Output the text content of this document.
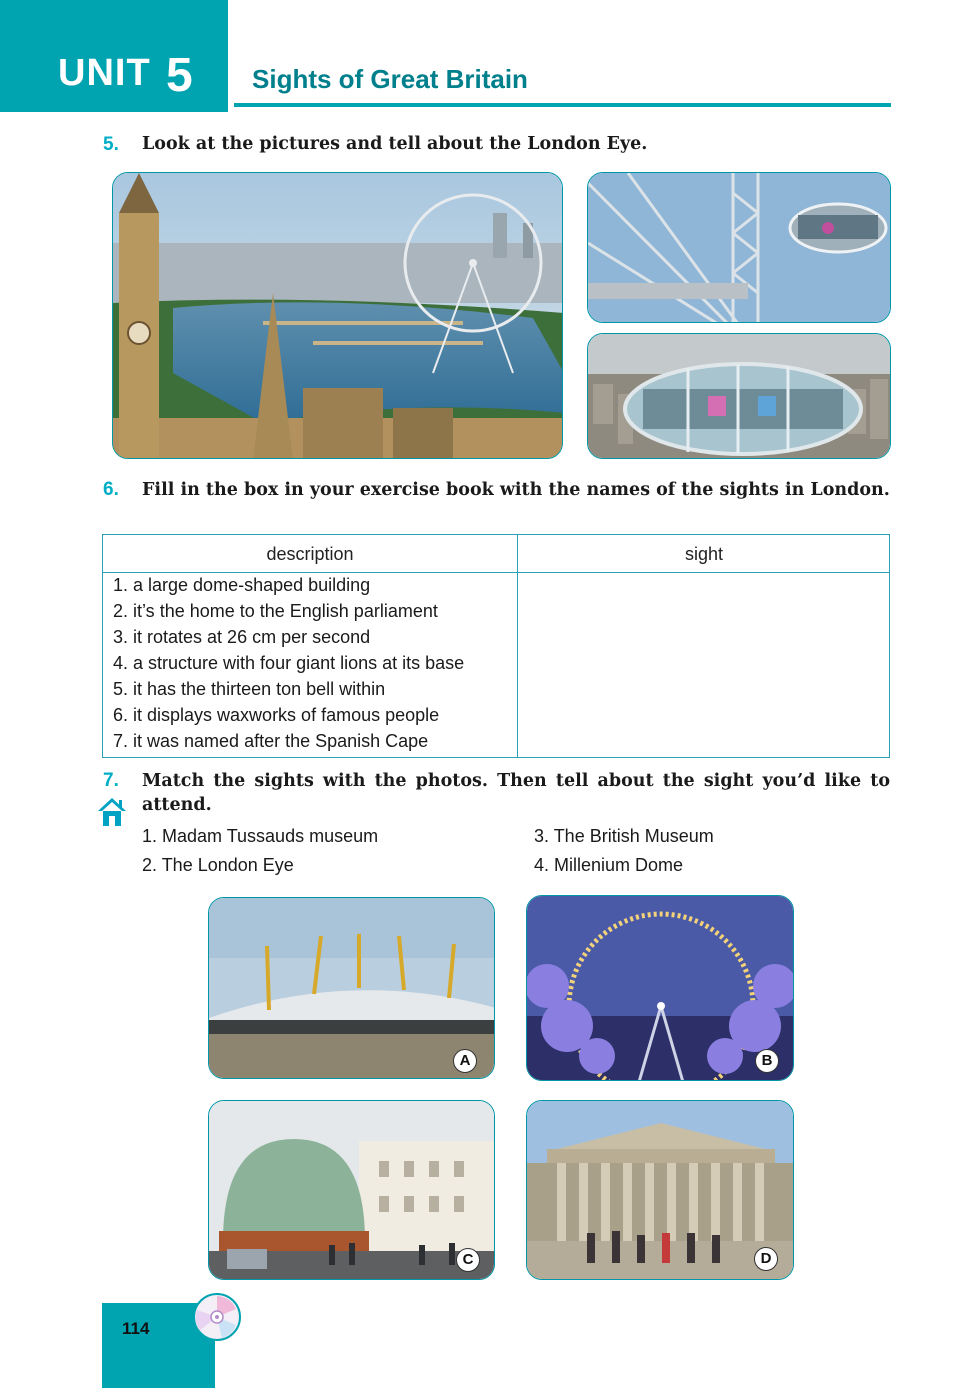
UNIT 5 Sights of Great Britain
5. Look at the pictures and tell about the London Eye.
6. Fill in the box in your exercise book with the names of the sights in London.
description	sight
1. a large dome-shaped building
2. it’s the home to the English parliament
3. it rotates at 26 cm per second
4. a structure with four giant lions at its base
5. it has the thirteen ton bell within
6. it displays waxworks of famous people
7. it was named after the Spanish Cape
7. Match the sights with the photos. Then tell about the sight you’d like to attend.
1. Madam Tussauds museum
2. The London Eye
3. The British Museum
4. Millenium Dome
A	B
C	D
114
